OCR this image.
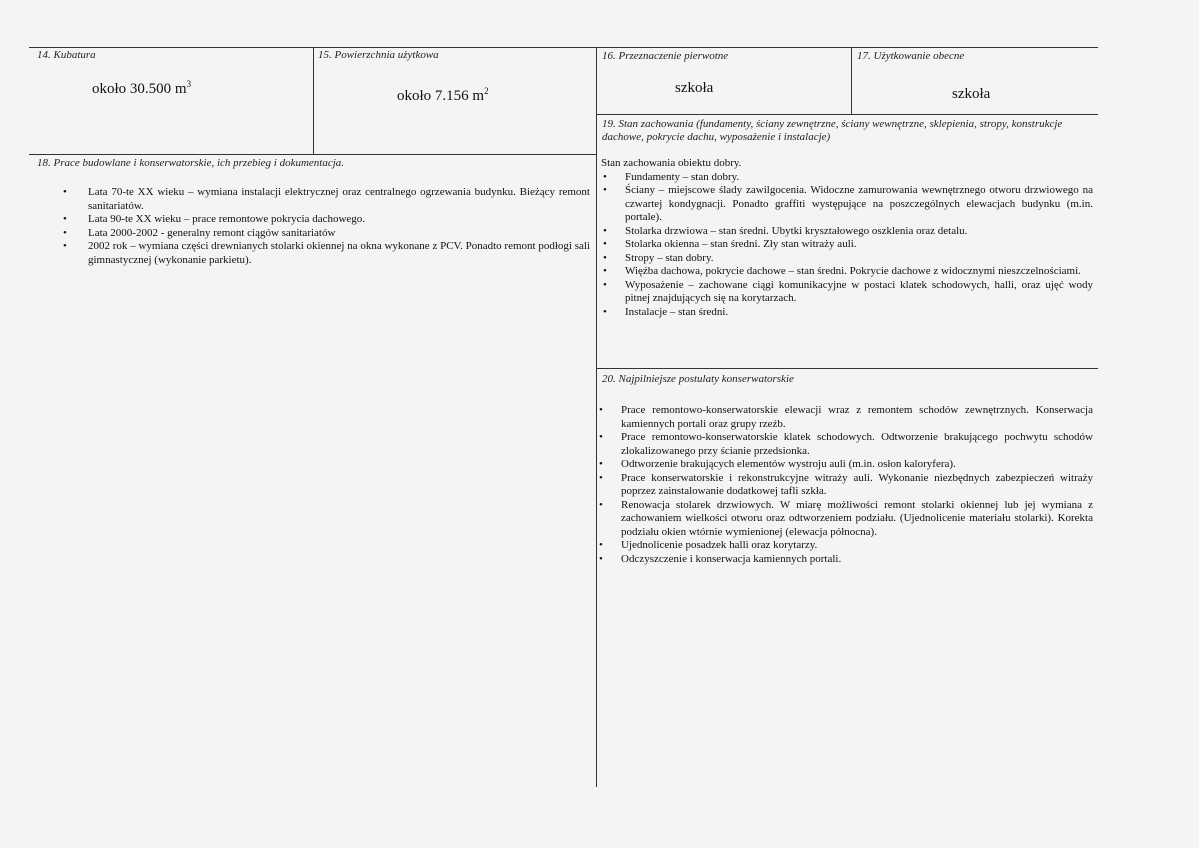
14. Kubatura
około 30.500 $m^3$
15. Powierzchnia użytkowa
około 7.156 $m^2$
16. Przeznaczenie pierwotne
szkoła
17. Użytkowanie obecne
szkoła
19. Stan zachowania (fundamenty, ściany zewnętrzne, ściany wewnętrzne, sklepienia, stropy, konstrukcje dachowe, pokrycie dachu, wyposażenie i instalacje)
Stan zachowania obiektu dobry.
• Fundamenty – stan dobry.
• Ściany – miejscowe ślady zawilgocenia. Widoczne zamurowania wewnętrznego otworu drzwiowego na czwartej kondygnacji. Ponadto graffiti występujące na poszczególnych elewacjach budynku (m.in. portale).
• Stolarka drzwiowa – stan średni. Ubytki kryształowego oszklenia oraz detalu.
• Stolarka okienna – stan średni. Zły stan witraży auli.
• Stropy – stan dobry.
• Więźba dachowa, pokrycie dachowe – stan średni. Pokrycie dachowe z widocznymi nieszczelnościami.
• Wyposażenie – zachowane ciągi komunikacyjne w postaci klatek schodowych, halli, oraz ujęć wody pitnej znajdujących się na korytarzach.
• Instalacje – stan średni.
18. Prace budowlane i konserwatorskie, ich przebieg i dokumentacja.
• Lata 70-te XX wieku – wymiana instalacji elektrycznej oraz centralnego ogrzewania budynku. Bieżący remont sanitariatów.
• Lata 90-te XX wieku – prace remontowe pokrycia dachowego.
• Lata 2000-2002 - generalny remont ciągów sanitariatów
• 2002 rok – wymiana części drewnianych stolarki okiennej na okna wykonane z PCV. Ponadto remont podłogi sali gimnastycznej (wykonanie parkietu).
20. Najpilniejsze postulaty konserwatorskie
• Prace remontowo-konserwatorskie elewacji wraz z remontem schodów zewnętrznych. Konserwacja kamiennych portali oraz grupy rzeźb.
• Prace remontowo-konserwatorskie klatek schodowych. Odtworzenie brakującego pochwytu schodów zlokalizowanego przy ścianie przedsionka.
• Odtworzenie brakujących elementów wystroju auli (m.in. osłon kaloryfera).
• Prace konserwatorskie i rekonstrukcyjne witraży auli. Wykonanie niezbędnych zabezpieczeń witraży poprzez zainstalowanie dodatkowej tafli szkła.
• Renowacja stolarek drzwiowych. W miarę możliwości remont stolarki okiennej lub jej wymiana z zachowaniem wielkości otworu oraz odtworzeniem podziału. (Ujednolicenie materiału stolarki). Korekta podziału okien wtórnie wymienionej (elewacja północna).
• Ujednolicenie posadzek halli oraz korytarzy.
• Odczyszczenie i konserwacja kamiennych portali.
